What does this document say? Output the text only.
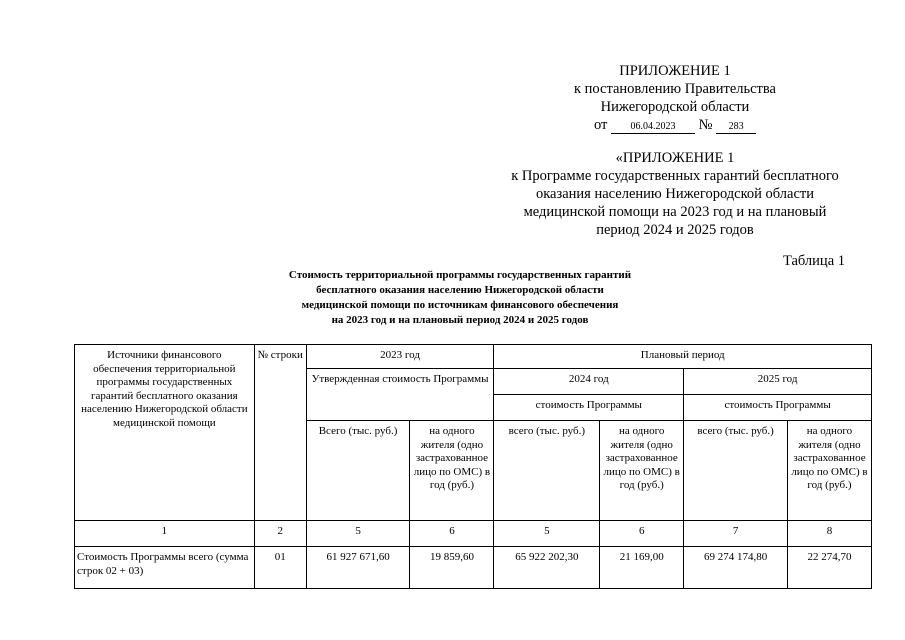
ПРИЛОЖЕНИЕ 1
к постановлению Правительства
Нижегородской области
от 06.04.2023 № 283
«ПРИЛОЖЕНИЕ 1
к Программе государственных гарантий бесплатного
оказания населению Нижегородской области
медицинской помощи на 2023 год и на плановый
период 2024 и 2025 годов
Таблица 1
Стоимость территориальной программы государственных гарантий
бесплатного оказания населению Нижегородской области
медицинской помощи по источникам финансового обеспечения
на 2023 год и на плановый период 2024 и 2025 годов
Источники финансового обеспечения территориальной программы государственных гарантий бесплатного оказания населению Нижегородской области медицинской помощи	№ строки	2023 год		Плановый период			
		Утвержденная стоимость Программы		2024 год		2025 год	
				стоимость Программы		стоимость Программы	
		Всего (тыс. руб.)	на одного жителя (одно застрахованное лицо по ОМС) в год (руб.)	всего (тыс. руб.)	на одного жителя (одно застрахованное лицо по ОМС) в год (руб.)	всего (тыс. руб.)	на одного жителя (одно застрахованное лицо по ОМС) в год (руб.)
1	2	5	6	5	6	7	8
Стоимость Программы всего (сумма строк 02 + 03)	01	61 927 671,60	19 859,60	65 922 202,30	21 169,00	69 274 174,80	22 274,70
